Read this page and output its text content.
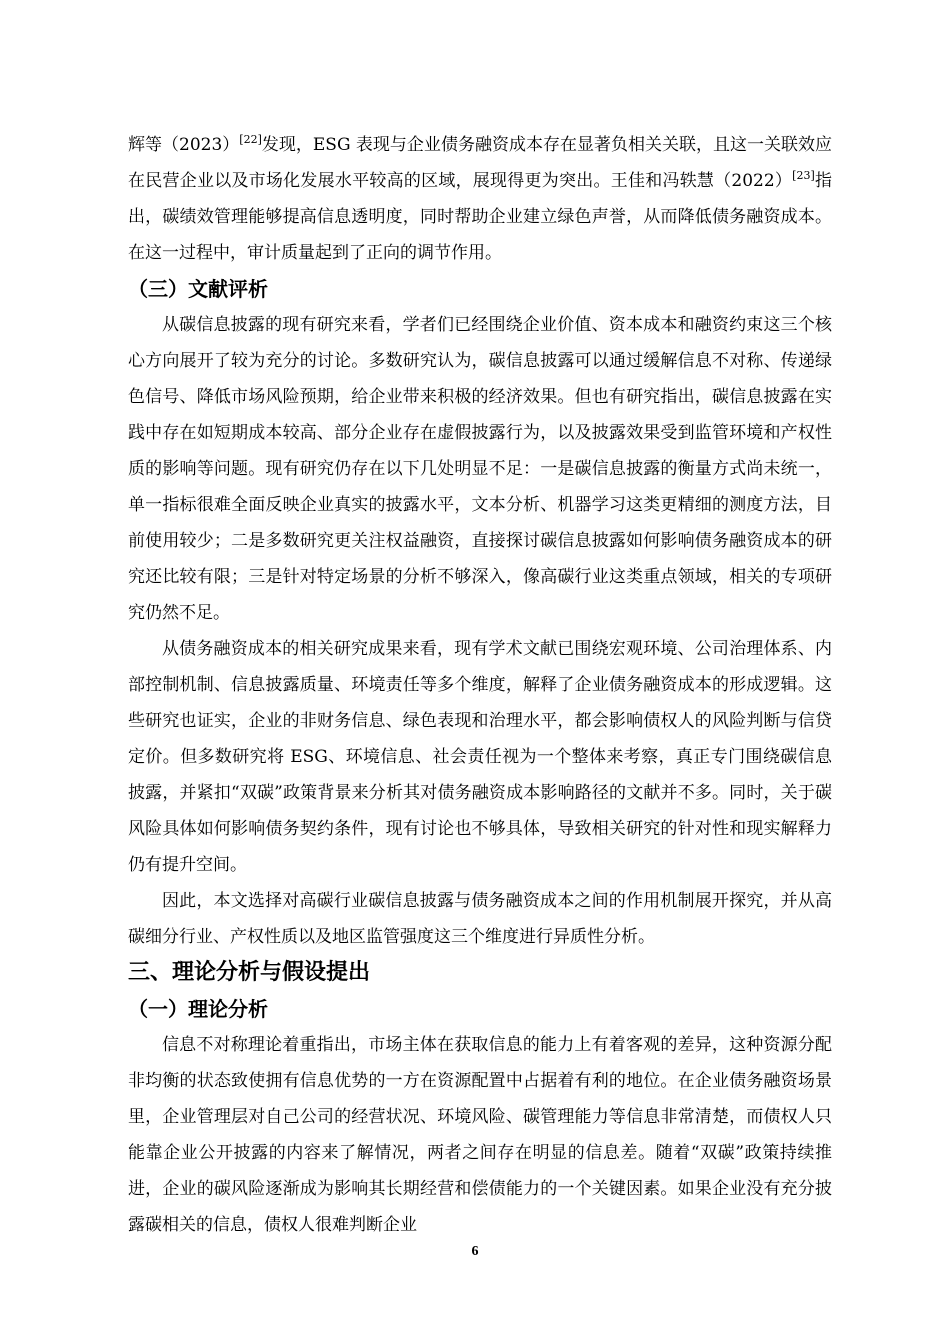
辉等（2023）[22]发现，ESG 表现与企业债务融资成本存在显著负相关关联，且这一关联效应在民营企业以及市场化发展水平较高的区域，展现得更为突出。王佳和冯轶慧（2022）[23]指出，碳绩效管理能够提高信息透明度，同时帮助企业建立绿色声誉，从而降低债务融资成本。在这一过程中，审计质量起到了正向的调节作用。

（三）文献评析

从碳信息披露的现有研究来看，学者们已经围绕企业价值、资本成本和融资约束这三个核心方向展开了较为充分的讨论。多数研究认为，碳信息披露可以通过缓解信息不对称、传递绿色信号、降低市场风险预期，给企业带来积极的经济效果。但也有研究指出，碳信息披露在实践中存在如短期成本较高、部分企业存在虚假披露行为，以及披露效果受到监管环境和产权性质的影响等问题。现有研究仍存在以下几处明显不足：一是碳信息披露的衡量方式尚未统一，单一指标很难全面反映企业真实的披露水平，文本分析、机器学习这类更精细的测度方法，目前使用较少；二是多数研究更关注权益融资，直接探讨碳信息披露如何影响债务融资成本的研究还比较有限；三是针对特定场景的分析不够深入，像高碳行业这类重点领域，相关的专项研究仍然不足。

从债务融资成本的相关研究成果来看，现有学术文献已围绕宏观环境、公司治理体系、内部控制机制、信息披露质量、环境责任等多个维度，解释了企业债务融资成本的形成逻辑。这些研究也证实，企业的非财务信息、绿色表现和治理水平，都会影响债权人的风险判断与信贷定价。但多数研究将 ESG、环境信息、社会责任视为一个整体来考察，真正专门围绕碳信息披露，并紧扣“双碳”政策背景来分析其对债务融资成本影响路径的文献并不多。同时，关于碳风险具体如何影响债务契约条件，现有讨论也不够具体，导致相关研究的针对性和现实解释力仍有提升空间。

因此，本文选择对高碳行业碳信息披露与债务融资成本之间的作用机制展开探究，并从高碳细分行业、产权性质以及地区监管强度这三个维度进行异质性分析。

三、理论分析与假设提出
（一）理论分析

信息不对称理论着重指出，市场主体在获取信息的能力上有着客观的差异，这种资源分配非均衡的状态致使拥有信息优势的一方在资源配置中占据着有利的地位。在企业债务融资场景里，企业管理层对自己公司的经营状况、环境风险、碳管理能力等信息非常清楚，而债权人只能靠企业公开披露的内容来了解情况，两者之间存在明显的信息差。随着“双碳”政策持续推进，企业的碳风险逐渐成为影响其长期经营和偿债能力的一个关键因素。如果企业没有充分披露碳相关的信息，债权人很难判断企业

6
